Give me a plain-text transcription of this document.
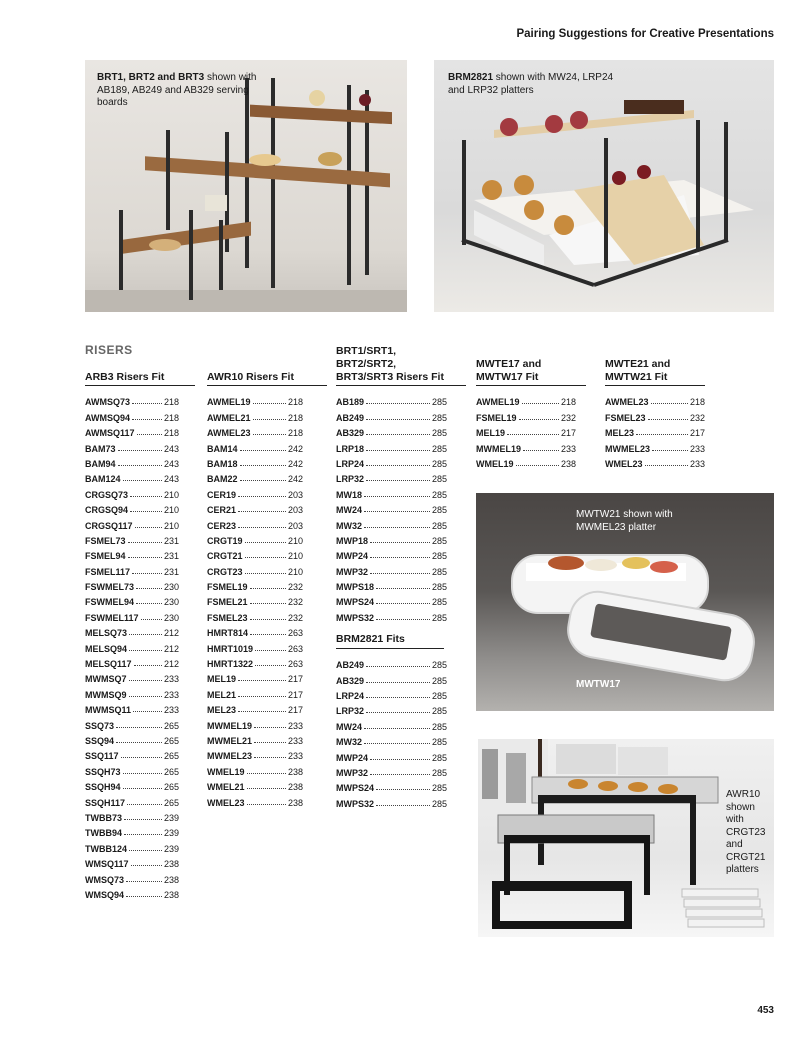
Pairing Suggestions for Creative Presentations
BRT1, BRT2 and BRT3 shown with AB189, AB249 and AB329 serving boards
BRM2821 shown with MW24, LRP24 and LRP32 platters
RISERS
ARB3 Risers Fit
AWMSQ73	218
AWMSQ94	218
AWMSQ117	218
BAM73	243
BAM94	243
BAM124	243
CRGSQ73	210
CRGSQ94	210
CRGSQ117	210
FSMEL73	231
FSMEL94	231
FSMEL117	231
FSWMEL73	230
FSWMEL94	230
FSWMEL117	230
MELSQ73	212
MELSQ94	212
MELSQ117	212
MWMSQ7	233
MWMSQ9	233
MWMSQ11	233
SSQ73	265
SSQ94	265
SSQ117	265
SSQH73	265
SSQH94	265
SSQH117	265
TWBB73	239
TWBB94	239
TWBB124	239
WMSQ117	238
WMSQ73	238
WMSQ94	238
AWR10 Risers Fit
AWMEL19	218
AWMEL21	218
AWMEL23	218
BAM14	242
BAM18	242
BAM22	242
CER19	203
CER21	203
CER23	203
CRGT19	210
CRGT21	210
CRGT23	210
FSMEL19	232
FSMEL21	232
FSMEL23	232
HMRT814	263
HMRT1019	263
HMRT1322	263
MEL19	217
MEL21	217
MEL23	217
MWMEL19	233
MWMEL21	233
MWMEL23	233
WMEL19	238
WMEL21	238
WMEL23	238
BRT1/SRT1, BRT2/SRT2,
BRT3/SRT3 Risers Fit
AB189	285
AB249	285
AB329	285
LRP18	285
LRP24	285
LRP32	285
MW18	285
MW24	285
MW32	285
MWP18	285
MWP24	285
MWP32	285
MWPS18	285
MWPS24	285
MWPS32	285
BRM2821 Fits
AB249	285
AB329	285
LRP24	285
LRP32	285
MW24	285
MW32	285
MWP24	285
MWP32	285
MWPS24	285
MWPS32	285
MWTE17 and
MWTW17 Fit
AWMEL19	218
FSMEL19	232
MEL19	217
MWMEL19	233
WMEL19	238
MWTE21 and
MWTW21 Fit
AWMEL23	218
FSMEL23	232
MEL23	217
MWMEL23	233
WMEL23	233
MWTW21 shown with MWMEL23 platter
MWTW17
AWR10 shown with CRGT23 and CRGT21 platters
453
